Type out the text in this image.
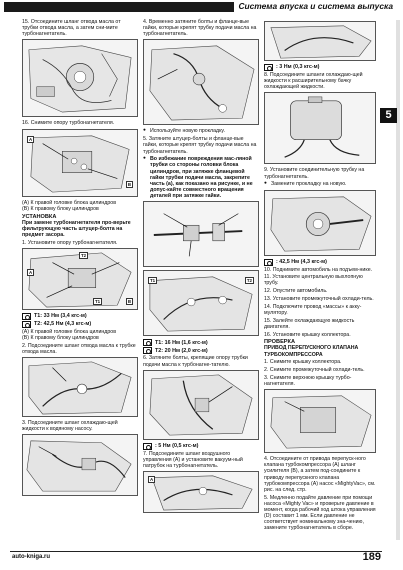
Система впуска и система выпуска
5
15. Отсоедините шланг отвода масла от трубки отвода масла, а затем сни-мите турбонагнетатель.
16. Снимите опору турбонагнетателя.
A
B
(A) К правой головке блока цилиндров
(B) К правому блоку цилиндров
УСТАНОВКА
При замене турбонагнетателя про-верьте фильтрующую часть штуцер-болта на предмет засора.
1. Установите опору турбонагнетателя.
T2
A
T1	B
T1: 33 Нм (3,4 кгс-м)
T2: 42,5 Нм (4,3 кгс-м)
(A) К правой головке блока цилиндров
(B) К правому блоку цилиндров
2. Подсоедините шланг отвода масла к трубке отвода масла.
3. Подсоедините шланг охлаждаю-щей жидкости к водяному насосу.
4. Временно затяните болты и фланце-вые гайки, которые крепят трубку подачи масла на турбонагнетатель.
● Используйте новую прокладку.
5. Затяните штуцер-болты и фланце-вые гайки, которые крепят трубку подачи масла на турбонагнетатель.
● Во избежание повреждения мас-ляной трубки со стороны головки блока цилиндров, при затяжке фланцевой гайки трубки подачи масла, закрепите часть (а), как показано на рисунке, и не допус-кайте совместного вращения деталей при затяжке гайки.
T1	T2
T1: 16 Нм (1,6 кгс-м)
T2: 20 Нм (2,0 кгс-м)
6. Затяните болты, крепящие опору трубки подачи масла к турбонагне-тателю.
: 5 Нм (0,5 кгс-м)
7. Подсоедините шланг воздушного управления (A) и установите вакуум-ный патрубок на турбонагнетатель.
A
: 3 Нм (0,3 кгс-м)
8. Подсоедините шланги охлаждаю-щей жидкости к расширительному бачку охлаждающей жидкости.
9. Установите соединительную трубку на турбонагнетатель.
● Замените прокладку на новую.
: 42,5 Нм (4,3 кгс-м)
10. Поднимите автомобиль на подъем-нике.
11. Установите центральную выхлопную трубу.
12. Опустите автомобиль.
13. Установите промежуточный охлади-тель.
14. Подключите провод «массы» к акку-мулятору.
15. Залейте охлаждающую жидкость двигателя.
16. Установите крышку коллектора.
ПРОВЕРКА
ПРИВОД ПЕРЕПУСКНОГО КЛАПАНА ТУРБОКОМПРЕССОРА
1. Снимите крышку коллектора.
2. Снимите промежуточный охлади-тель.
3. Снимите верхнюю крышку турбо-нагнетателя.
4. Отсоедините от привода перепуск-ного клапана турбокомпрессора (A) шланг усилителя (B), а затем под-соедините к приводу перепускного клапана турбокомпрессора (A) насос «MightyVac», см. рис. на след. стр.
5. Медленно подайте давление при помощи насоса «Mighty Vac» и проверьте давление в момент, когда рабочий ход штока управления (D) составит 1 мм. Если давление не соответствует номинальному зна-чению, замените турбонагнетатель в сборе.
auto-kniga.ru	189
